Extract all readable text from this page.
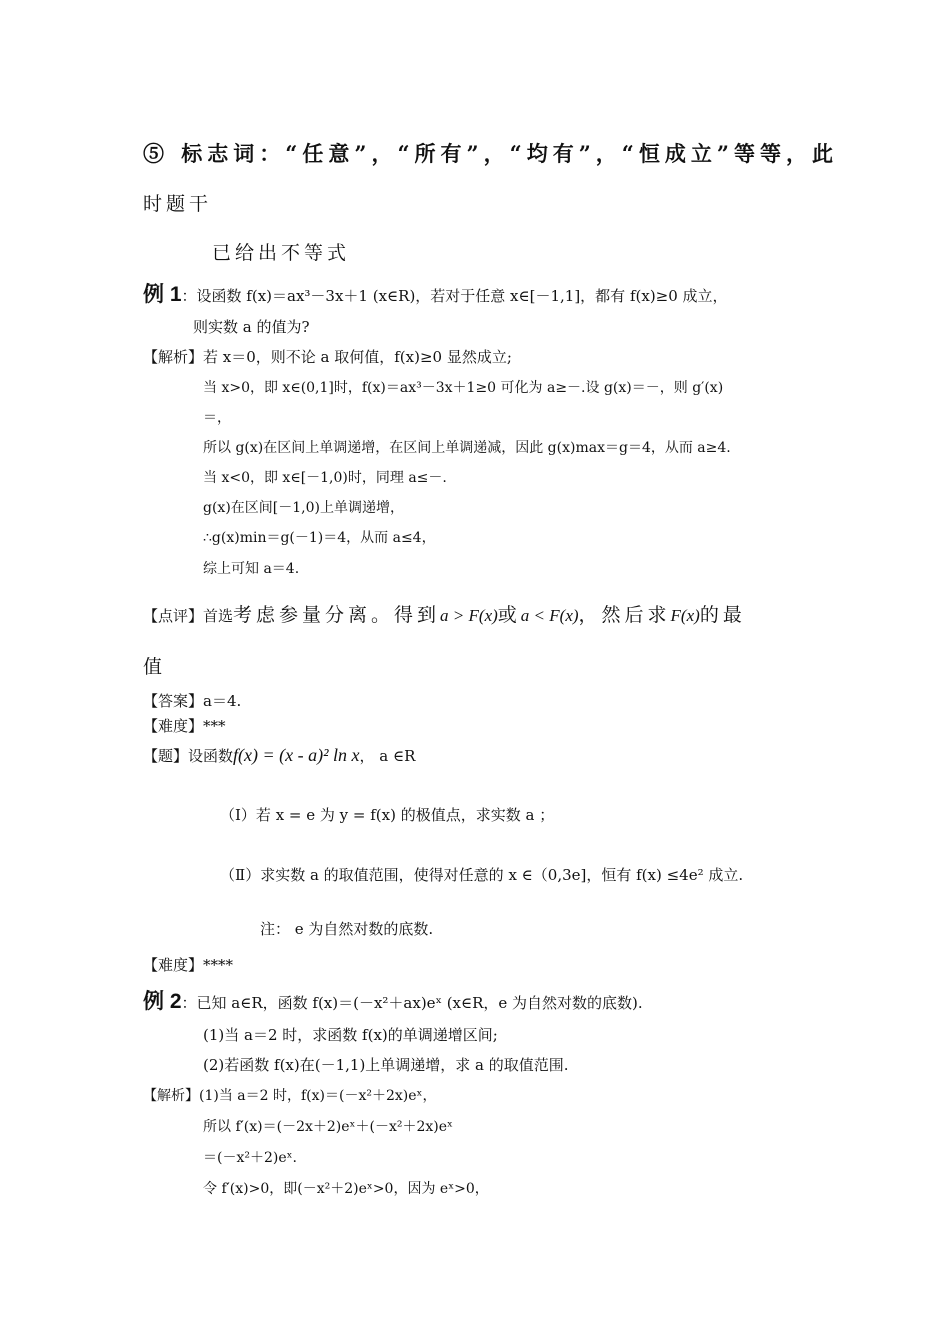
⑤ 标志词：“任意”，“所有”，“均有”，“恒成立”等等，此
时题干
已给出不等式
例 1：设函数 f(x)＝ax³－3x＋1 (x∈R)，若对于任意 x∈[－1,1]，都有 f(x)≥0 成立，
则实数 a 的值为?
【解析】若 x＝0，则不论 a 取何值，f(x)≥0 显然成立;
当 x>0，即 x∈(0,1]时，f(x)＝ax³－3x＋1≥0 可化为 a≥－.设 g(x)＝－，则 g′(x)
＝，
所以 g(x)在区间上单调递增，在区间上单调递减，因此 g(x)max＝g＝4，从而 a≥4.
当 x<0，即 x∈[－1,0)时，同理 a≤－.
g(x)在区间[－1,0)上单调递增，
∴g(x)min＝g(－1)＝4，从而 a≤4，
综上可知 a＝4.
【点评】首选考虑参量分离。得到a > F(x)或a < F(x)，然后求F(x)的最
值
【答案】a＝4.
【难度】***
【题】设函数f(x) = (x - a)² ln x， a ∈R
（Ⅰ）若 x = e 为 y = f(x) 的极值点，求实数 a ；
（Ⅱ）求实数 a 的取值范围，使得对任意的 x ∈（0,3e]，恒有 f(x) ≤4e² 成立.
注： e 为自然对数的底数.
【难度】****
例 2：已知 a∈R，函数 f(x)＝(－x²＋ax)eˣ (x∈R，e 为自然对数的底数).
(1)当 a＝2 时，求函数 f(x)的单调递增区间;
(2)若函数 f(x)在(－1,1)上单调递增，求 a 的取值范围.
【解析】(1)当 a＝2 时，f(x)＝(－x²＋2x)eˣ，
所以 f′(x)＝(－2x＋2)eˣ＋(－x²＋2x)eˣ
＝(－x²＋2)eˣ.
令 f′(x)>0，即(－x²＋2)eˣ>0，因为 eˣ>0，
